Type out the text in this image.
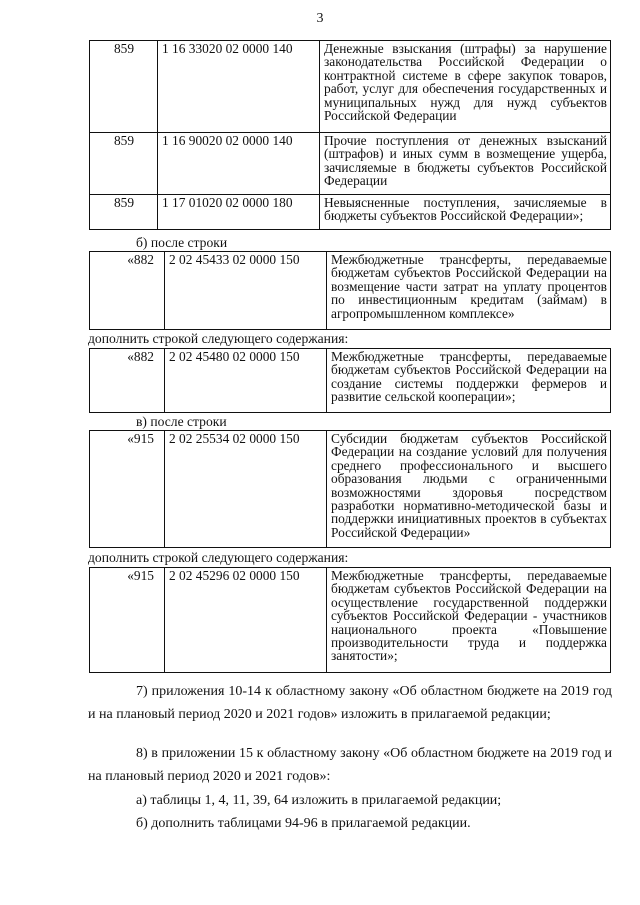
3
859	1 16 33020 02 0000 140	Денежные взыскания (штрафы) за нарушение законодательства Российской Федерации о контрактной системе в сфере закупок товаров, работ, услуг для обеспечения государственных и муниципальных нужд для нужд субъектов Российской Федерации
859	1 16 90020 02 0000 140	Прочие поступления от денежных взысканий (штрафов) и иных сумм в возмещение ущерба, зачисляемые в бюджеты субъектов Российской Федерации
859	1 17 01020 02 0000 180	Невыясненные поступления, зачисляемые в бюджеты субъектов Российской Федерации»;
б) после строки
«882	2 02 45433 02 0000 150	Межбюджетные трансферты, передаваемые бюджетам субъектов Российской Федерации на возмещение части затрат на уплату процентов по инвестиционным кредитам (займам) в агропромышленном комплексе»
дополнить строкой следующего содержания:
«882	2 02 45480 02 0000 150	Межбюджетные трансферты, передаваемые бюджетам субъектов Российской Федерации на создание системы поддержки фермеров и развитие сельской кооперации»;
в) после строки
«915	2 02 25534 02 0000 150	Субсидии бюджетам субъектов Российской Федерации на создание условий для получения среднего профессионального и высшего образования людьми с ограниченными возможностями здоровья посредством разработки нормативно-методической базы и поддержки инициативных проектов в субъектах Российской Федерации»
дополнить строкой следующего содержания:
«915	2 02 45296 02 0000 150	Межбюджетные трансферты, передаваемые бюджетам субъектов Российской Федерации на осуществление государственной поддержки субъектов Российской Федерации - участников национального проекта «Повышение производительности труда и поддержка занятости»;

7) приложения 10-14 к областному закону «Об областном бюджете на 2019 год и на плановый период 2020 и 2021 годов» изложить в прилагаемой редакции;

8) в приложении 15 к областному закону «Об областном бюджете на 2019 год и на плановый период 2020 и 2021 годов»:

а) таблицы 1, 4, 11, 39, 64 изложить в прилагаемой редакции;

б) дополнить таблицами 94-96 в прилагаемой редакции.
